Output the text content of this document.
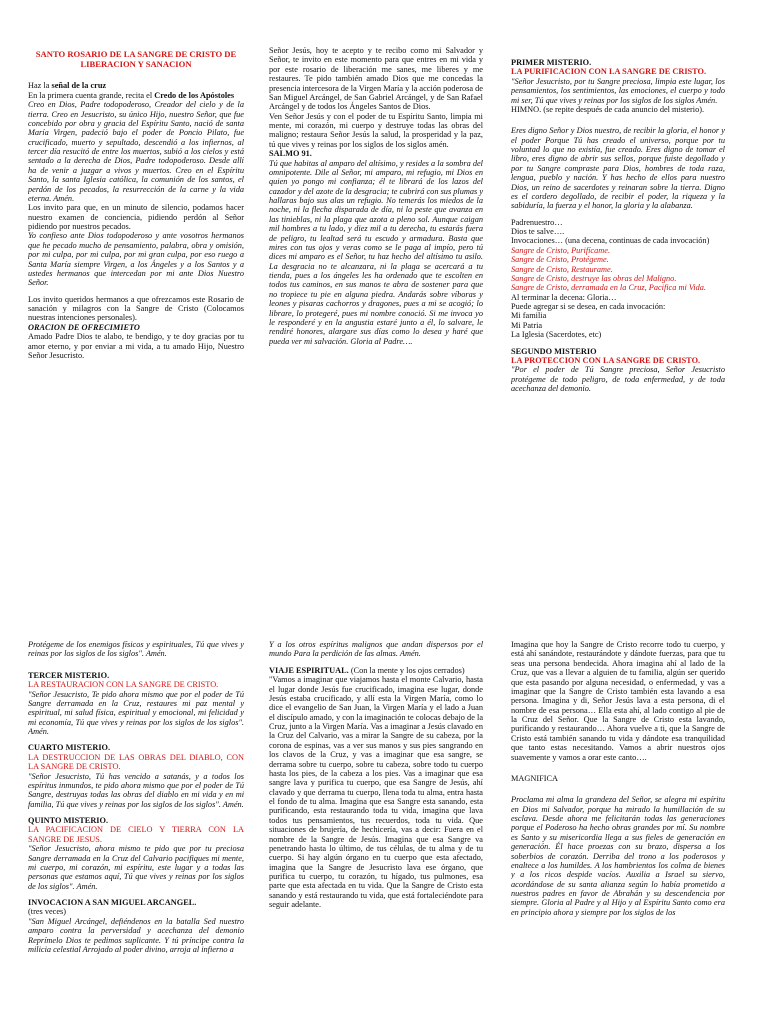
SANTO ROSARIO DE LA SANGRE DE CRISTO DE LIBERACION Y SANACION

Haz la señal de la cruz

En la primera cuenta grande, recita el Credo de los Apóstoles

Creo en Dios, Padre todopoderoso, Creador del cielo y de la tierra. Creo en Jesucristo, su único Hijo, nuestro Señor, que fue concebido por obra y gracia del Espíritu Santo, nació de santa María Virgen, padeció bajo el poder de Poncio Pilato, fue crucificado, muerto y sepultado, descendió a los infiernos, al tercer día resucitó de entre los muertos, subió a los cielos y está sentado a la derecha de Dios, Padre todopoderoso. Desde allí ha de venir a juzgar a vivos y muertos. Creo en el Espíritu Santo, la santa Iglesia católica, la comunión de los santos, el perdón de los pecados, la resurrección de la carne y la vida eterna. Amén.

Los invito para que, en un minuto de silencio, podamos hacer nuestro examen de conciencia, pidiendo perdón al Señor pidiendo por nuestros pecados.

Yo confieso ante Dios todopoderoso y ante vosotros hermanos que he pecado mucho de pensamiento, palabra, obra y omisión, por mi culpa, por mi culpa, por mi gran culpa, por eso ruego a Santa María siempre Virgen, a los Ángeles y a los Santos y a ustedes hermanos que intercedan por mi ante Dios Nuestro Señor.

Los invito queridos hermanos a que ofrezcamos este Rosario de sanación y milagros con la Sangre de Cristo (Colocamos nuestras intenciones personales).

ORACION DE OFRECIMIETO

Amado Padre Dios te alabo, te bendigo, y te doy gracias por tu amor eterno, y por enviar a mi vida, a tu amado Hijo, Nuestro Señor Jesucristo.

Señor Jesús, hoy te acepto y te recibo como mi Salvador y Señor, te invito en este momento para que entres en mi vida y por este rosario de liberación me sanes, me liberes y me restaures. Te pido también amado Dios que me concedas la presencia intercesora de la Virgen María y la acción poderosa de San Miguel Arcángel, de San Gabriel Arcángel, y de San Rafael Arcángel y de todos los Ángeles Santos de Dios.

Ven Señor Jesús y con el poder de tu Espíritu Santo, limpia mi mente, mi corazón, mi cuerpo y destruye todas las obras del maligno; restaura Señor Jesús la salud, la prosperidad y la paz, tú que vives y reinas por los siglos de los siglos amén.

SALMO 91.

Tú que habitas al amparo del altísimo, y resides a la sombra del omnipotente. Dile al Señor, mi amparo, mi refugio, mi Dios en quien yo pongo mi confianza; él te librará de los lazos del cazador y del azote de la desgracia; te cubrirá con sus plumas y hallaras bajo sus alas un refugio. No temerás los miedos de la noche, ni la flecha disparada de día, ni la peste que avanza en las tinieblas, ni la plaga que azota a pleno sol. Aunque caigan mil hombres a tu lado, y diez mil a tu derecha, tu estarás fuera de peligro, tu lealtad será tu escudo y armadura. Basta que mires con tus ojos y veras como se le paga al impío, pero tú dices mi amparo es el Señor, tu haz hecho del altísimo tu asilo. La desgracia no te alcanzara, ni la plaga se acercará a tu tienda, pues a los ángeles les ha ordenado que te escolten en todos tus caminos, en sus manos te abra de sostener para que no tropiece tu pie en alguna piedra. Andarás sobre víboras y leones y pisaras cachorros y dragones, pues a mi se acogió; lo librare, lo protegeré, pues mi nombre conoció. Si me invoca yo le responderé y en la angustia estaré junto a él, lo salvare, le rendiré honores, alargare sus días como lo desea y haré que pueda ver mi salvación. Gloria al Padre….

PRIMER MISTERIO.

LA PURIFICACION CON LA SANGRE DE CRISTO.

"Señor Jesucristo, por tu Sangre preciosa, limpia este lugar, los pensamientos, los sentimientos, las emociones, el cuerpo y todo mi ser, Tú que vives y reinas por los siglos de los siglos Amén.

HIMNO. (se repite después de cada anuncio del misterio).

Eres digno Señor y Dios nuestro, de recibir la gloria, el honor y el poder Porque Tú has creado el universo, porque por tu voluntad lo que no existía, fue creado. Eres digno de tomar el libro, eres digno de abrir sus sellos, porque fuiste degollado y por tu Sangre compraste para Dios, hombres de toda raza, lengua, pueblo y nación. Y has hecho de ellos para nuestro Dios, un reino de sacerdotes y reinaran sobre la tierra. Digno es el cordero degollado, de recibir el poder, la riqueza y la sabiduría, la fuerza y el honor, la gloria y la alabanza.

Padrenuestro…

Dios te salve….

Invocaciones… (una decena, continuas de cada invocación)

Sangre de Cristo, Purifícame.

Sangre de Cristo, Protégeme.

Sangre de Cristo, Restaurame.

Sangre de Cristo, destruye las obras del Maligno.

Sangre de Cristo, derramada en la Cruz, Pacifica mi Vida.

Al terminar la decena: Gloria…

Puede agregar si se desea, en cada invocación:

Mi familia

Mi Patria

La Iglesia (Sacerdotes, etc)

SEGUNDO MISTERIO

LA PROTECCION CON LA SANGRE DE CRISTO.

"Por el poder de Tú Sangre preciosa, Señor Jesucristo protégeme de todo peligro, de toda enfermedad, y de toda acechanza del demonio.

Protégeme de los enemigos físicos y espirituales, Tú que vives y reinas por los siglos de los siglos". Amén.

TERCER MISTERIO.

LA RESTAURACION CON LA SANGRE DE CRISTO.

"Señor Jesucristo, Te pido ahora mismo que por el poder de Tú Sangre derramada en la Cruz, restaures mi paz mental y espiritual, mi salud física, espiritual y emocional, mi felicidad y mi economía, Tú que vives y reinas por los siglos de los siglos". Amén.

CUARTO MISTERIO.

LA DESTRUCCION DE LAS OBRAS DEL DIABLO, CON LA SANGRE DE CRISTO.

"Señor Jesucristo, Tú has vencido a satanás, y a todos los espíritus inmundos, te pido ahora mismo que por el poder de Tú Sangre, destruyas todas las obras del diablo en mi vida y en mi familia, Tú que vives y reinas por los siglos de los siglos". Amén.

QUINTO MISTERIO.

LA PACIFICACION DE CIELO Y TIERRA CON LA SANGRE DE JESUS.

"Señor Jesucristo, ahora mismo te pido que por tu preciosa Sangre derramada en la Cruz del Calvario pacifiques mi mente, mi cuerpo, mi corazón, mi espíritu, este lugar y a todas las personas que estamos aquí, Tú que vives y reinas por los siglos de los siglos". Amén.

INVOCACION A SAN MIGUEL ARCANGEL.

(tres veces)

"San Miguel Arcángel, defiéndenos en la batalla Sed nuestro amparo contra la perversidad y acechanza del demonio Reprímelo Dios te pedimos suplicante. Y tú príncipe contra la milicia celestial Arrojado al poder divino, arroja al infierno a

Y a los otros espíritus malignos que andan dispersos por el mundo Para la perdición de las almas. Amén.

VIAJE ESPIRITUAL. (Con la mente y los ojos cerrados)

"Vamos a imaginar que viajamos hasta el monte Calvario, hasta el lugar donde Jesús fue crucificado, imagina ese lugar, donde Jesús estaba crucificado, y allí esta la Virgen María, como lo dice el evangelio de San Juan, la Virgen María y el lado a Juan el discípulo amado, y con la imaginación te colocas debajo de la Cruz, junto a la Virgen María. Vas a imaginar a Jesús clavado en la Cruz del Calvario, vas a mirar la Sangre de su cabeza, por la corona de espinas, vas a ver sus manos y sus pies sangrando en los clavos de la Cruz, y vas a imaginar que esa sangre, se derrama sobre tu cuerpo, sobre tu cabeza, sobre todo tu cuerpo hasta los pies, de la cabeza a los pies. Vas a imaginar que esa sangre lava y purifica tu cuerpo, que esa Sangre de Jesús, ahí clavado y que derrama tu cuerpo, llena toda tu alma, entra hasta el fondo de tu alma. Imagina que esa Sangre esta sanando, esta purificando, esta restaurando toda tu vida, imagina que lava todos tus pensamientos, tus recuerdos, toda tu vida. Que situaciones de brujería, de hechicería, vas a decir: Fuera en el nombre de la Sangre de Jesús. Imagina que esa Sangre va penetrando hasta lo último, de tus células, de tu alma y de tu cuerpo. Si hay algún órgano en tu cuerpo que esta afectado, imagina que la Sangre de Jesucristo lava ese órgano, que purifica tu cuerpo, tu corazón, tu hígado, tus pulmones, esa parte que esta afectada en tu vida. Que la Sangre de Cristo esta sanando y está restaurando tu vida, que está fortaleciéndote para seguir adelante.

Imagina que hoy la Sangre de Cristo recorre todo tu cuerpo, y está ahí sanándote, restaurándote y dándote fuerzas, para que tu seas una persona bendecida. Ahora imagina ahí al lado de la Cruz, que vas a llevar a alguien de tu familia, algún ser querido que esta pasando por alguna necesidad, o enfermedad, y vas a imaginar que la Sangre de Cristo también esta lavando a esa persona. Imagina y di, Señor Jesús lava a esta persona, di el nombre de esa persona… Ella esta ahí, al lado contigo al pie de la Cruz del Señor. Que la Sangre de Cristo esta lavando, purificando y restaurando… Ahora vuelve a ti, que la Sangre de Cristo está también sanando tu vida y dándote esa tranquilidad que tanto estas necesitando. Vamos a abrir nuestros ojos suavemente y vamos a orar este canto….

MAGNIFICA

Proclama mi alma la grandeza del Señor, se alegra mi espíritu en Dios mi Salvador, porque ha mirado la humillación de su esclava. Desde ahora me felicitarán todas las generaciones porque el Poderoso ha hecho obras grandes por mí. Su nombre es Santo y su misericordia llega a sus fieles de generación en generación. Él hace proezas con su brazo, dispersa a los soberbios de corazón. Derriba del trono a los poderosos y enaltece a los humildes. A los hambrientos los colma de bienes y a los ricos despide vacíos. Auxilia a Israel su siervo, acordándose de su santa alianza según lo había prometido a nuestros padres en favor de Abrahán y su descendencia por siempre. Gloria al Padre y al Hijo y al Espíritu Santo como era en principio ahora y siempre por los siglos de los
